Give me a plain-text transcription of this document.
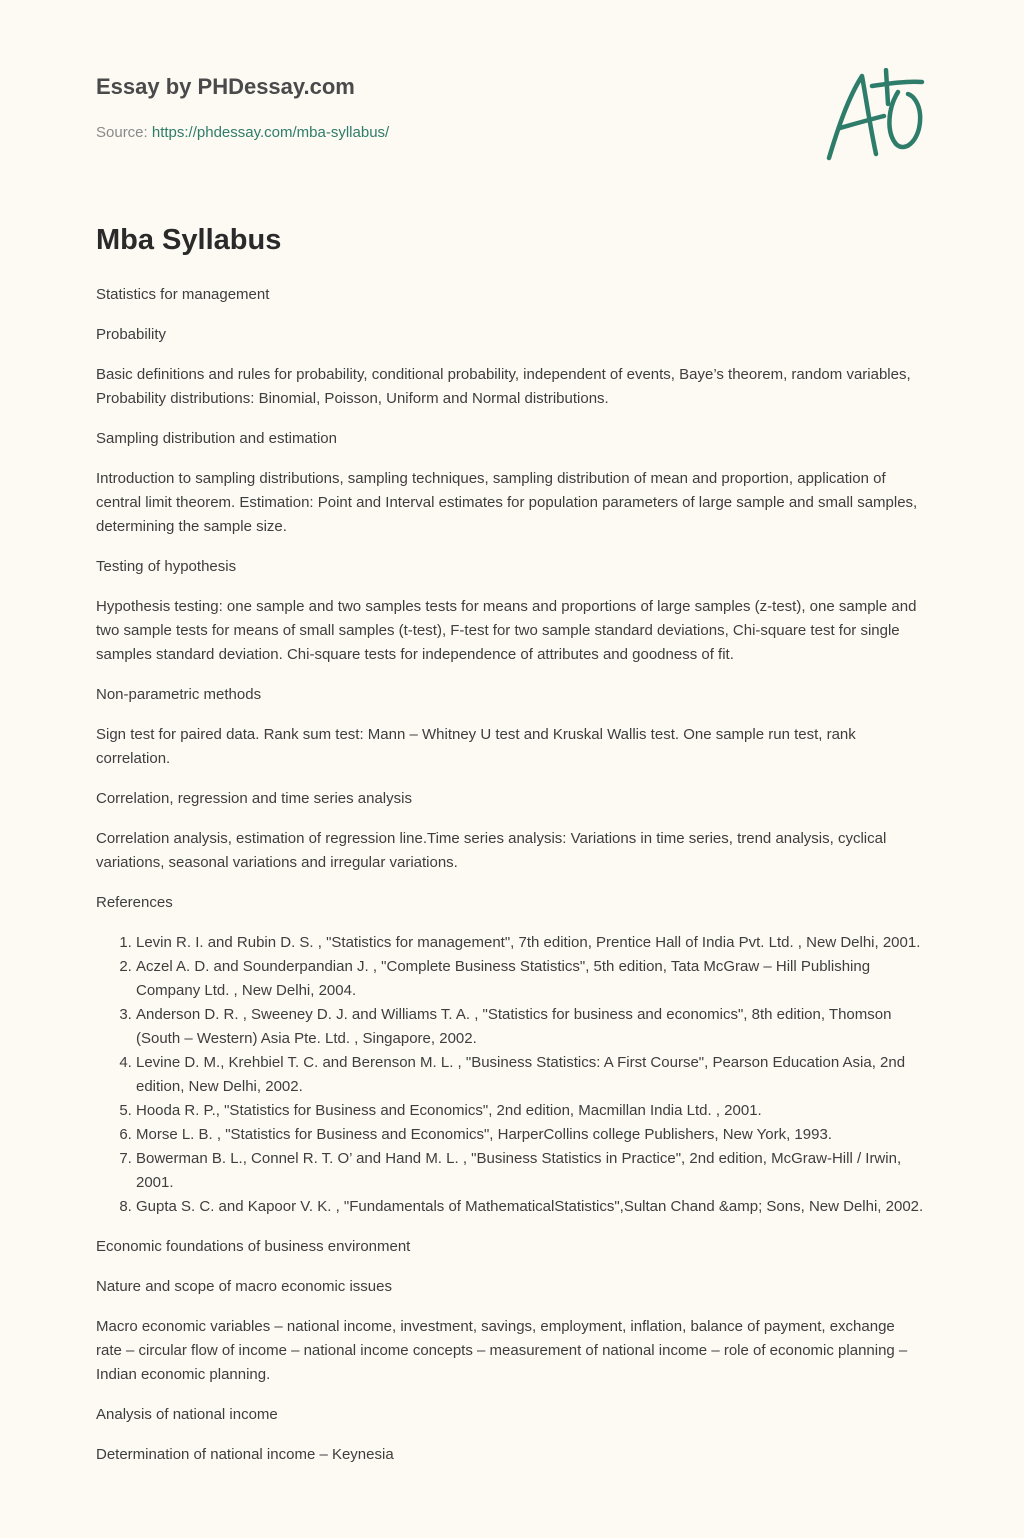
Essay by PHDessay.com

Source: https://phdessay.com/mba-syllabus/

Mba Syllabus

Statistics for management

Probability

Basic definitions and rules for probability, conditional probability, independent of events, Baye’s theorem, random variables, Probability distributions: Binomial, Poisson, Uniform and Normal distributions.

Sampling distribution and estimation

Introduction to sampling distributions, sampling techniques, sampling distribution of mean and proportion, application of central limit theorem. Estimation: Point and Interval estimates for population parameters of large sample and small samples, determining the sample size.

Testing of hypothesis

Hypothesis testing: one sample and two samples tests for means and proportions of large samples (z-test), one sample and two sample tests for means of small samples (t-test), F-test for two sample standard deviations, Chi-square test for single samples standard deviation. Chi-square tests for independence of attributes and goodness of fit.

Non-parametric methods

Sign test for paired data. Rank sum test: Mann – Whitney U test and Kruskal Wallis test. One sample run test, rank correlation.

Correlation, regression and time series analysis

Correlation analysis, estimation of regression line.Time series analysis: Variations in time series, trend analysis, cyclical variations, seasonal variations and irregular variations.

References

1. Levin R. I. and Rubin D. S. , "Statistics for management", 7th edition, Prentice Hall of India Pvt. Ltd. , New Delhi, 2001.
2. Aczel A. D. and Sounderpandian J. , "Complete Business Statistics", 5th edition, Tata McGraw – Hill Publishing Company Ltd. , New Delhi, 2004.
3. Anderson D. R. , Sweeney D. J. and Williams T. A. , "Statistics for business and economics", 8th edition, Thomson (South – Western) Asia Pte. Ltd. , Singapore, 2002.
4. Levine D. M., Krehbiel T. C. and Berenson M. L. , "Business Statistics: A First Course", Pearson Education Asia, 2nd edition, New Delhi, 2002.
5. Hooda R. P., "Statistics for Business and Economics", 2nd edition, Macmillan India Ltd. , 2001.
6. Morse L. B. , "Statistics for Business and Economics", HarperCollins college Publishers, New York, 1993.
7. Bowerman B. L., Connel R. T. O’ and Hand M. L. , "Business Statistics in Practice", 2nd edition, McGraw-Hill / Irwin, 2001.
8. Gupta S. C. and Kapoor V. K. , "Fundamentals of MathematicalStatistics",Sultan Chand &amp; Sons, New Delhi, 2002.

Economic foundations of business environment

Nature and scope of macro economic issues

Macro economic variables – national income, investment, savings, employment, inflation, balance of payment, exchange rate – circular flow of income – national income concepts – measurement of national income – role of economic planning – Indian economic planning.

Analysis of national income

Determination of national income – Keynesia
